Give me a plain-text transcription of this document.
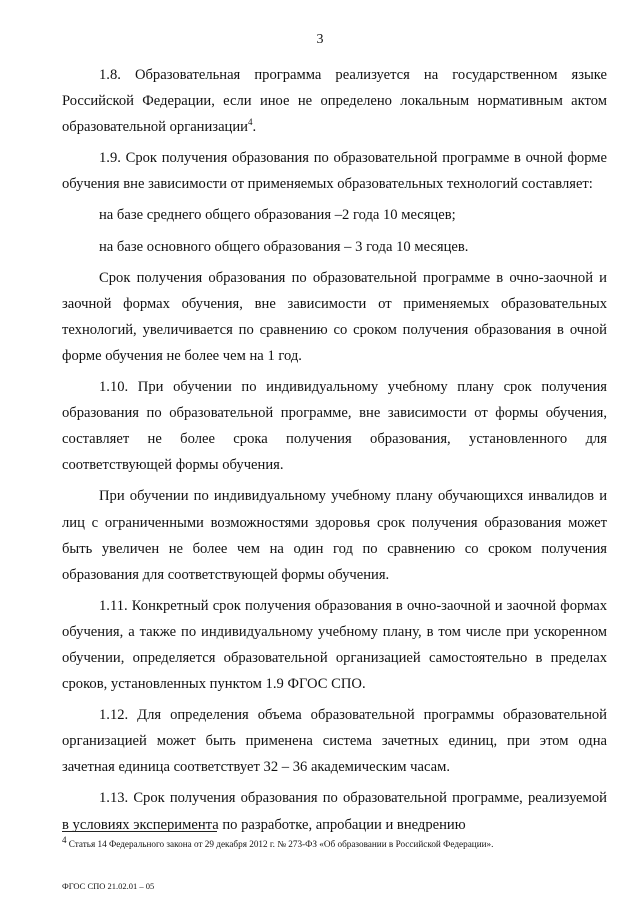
3

1.8. Образовательная программа реализуется на государственном языке Российской Федерации, если иное не определено локальным нормативным актом образовательной организации$^4$.

1.9. Срок получения образования по образовательной программе в очной форме обучения вне зависимости от применяемых образовательных технологий составляет:

на базе среднего общего образования –2 года 10 месяцев;

на базе основного общего образования – 3 года 10 месяцев.

Срок получения образования по образовательной программе в очно-заочной и заочной формах обучения, вне зависимости от применяемых образовательных технологий, увеличивается по сравнению со сроком получения образования в очной форме обучения не более чем на 1 год.

1.10. При обучении по индивидуальному учебному плану срок получения образования по образовательной программе, вне зависимости от формы обучения, составляет не более срока получения образования, установленного для соответствующей формы обучения.

При обучении по индивидуальному учебному плану обучающихся инвалидов и лиц с ограниченными возможностями здоровья срок получения образования может быть увеличен не более чем на один год по сравнению со сроком получения образования для соответствующей формы обучения.

1.11. Конкретный срок получения образования в очно-заочной и заочной формах обучения, а также по индивидуальному учебному плану, в том числе при ускоренном обучении, определяется образовательной организацией самостоятельно в пределах сроков, установленных пунктом 1.9 ФГОС СПО.

1.12. Для определения объема образовательной программы образовательной организацией может быть применена система зачетных единиц, при этом одна зачетная единица соответствует 32 – 36 академическим часам.

1.13. Срок получения образования по образовательной программе, реализуемой в условиях эксперимента по разработке, апробации и внедрению

$^4$ Статья 14 Федерального закона от 29 декабря 2012 г. № 273-ФЗ «Об образовании в Российской Федерации».
ФГОС СПО 21.02.01 – 05
